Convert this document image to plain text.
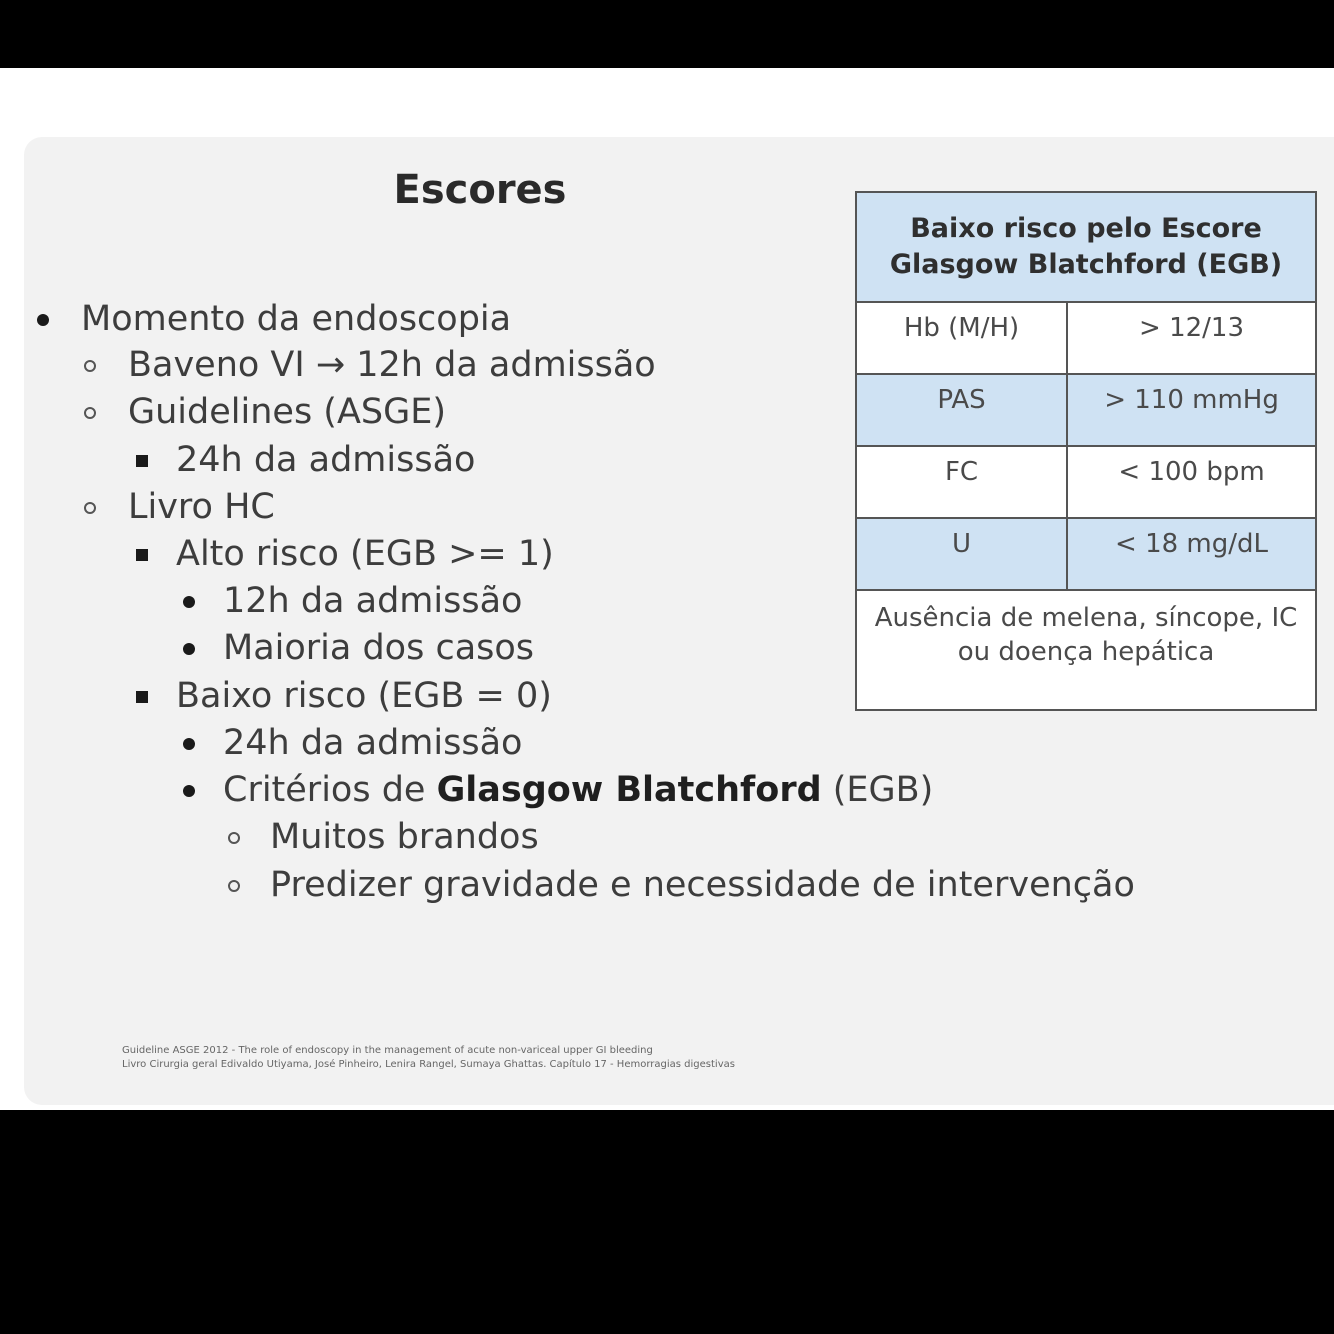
Escores
Momento da endoscopia
Baveno VI → 12h da admissão
Guidelines (ASGE)
24h da admissão
Livro HC
Alto risco (EGB >= 1)
12h da admissão
Maioria dos casos
Baixo risco (EGB = 0)
24h da admissão
Critérios de Glasgow Blatchford (EGB)
Muitos brandos
Predizer gravidade e necessidade de intervenção
Baixo risco pelo Escore
Glasgow Blatchford (EGB)	
Hb (M/H)	> 12/13
PAS	> 110 mmHg
FC	< 100 bpm
U	< 18 mg/dL
Ausência de melena, síncope, IC
ou doença hepática	
Guideline ASGE 2012 - The role of endoscopy in the management of acute non-variceal upper GI bleeding
Livro Cirurgia geral Edivaldo Utiyama, José Pinheiro, Lenira Rangel, Sumaya Ghattas. Capítulo 17 - Hemorragias digestivas
